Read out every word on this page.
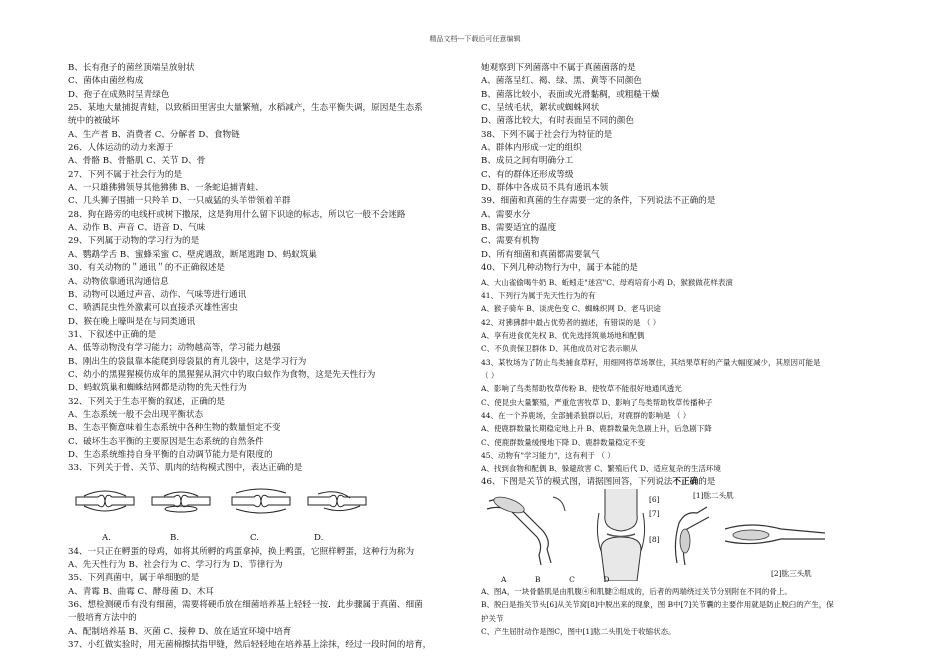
精品文档---下载后可任意编辑
B、长有孢子的菌丝顶端呈放射状
C、菌体由菌丝构成
D、孢子在成熟时呈青绿色
25、某地大量捕捉青蛙，以致稻田里害虫大量繁殖，水稻减产，生态平衡失调，原因是生态系
统中的被破坏
A、生产者 B、消费者 C、分解者 D、食物链
26、人体运动的动力来源于
A、骨骼 B、骨骼肌 C、关节 D、骨
27、下列不属于社会行为的是
A、一只雄狒狒领导其他狒狒 B、一条蛇追捕青蛙、
C、几头狮子围捕一只羚羊 D、一只威猛的头羊带领着羊群
28、狗在路旁的电线杆或树下撒尿，这是狗用什么留下识途的标志，所以它一般不会迷路
A、动作 B、声音 C、语音 D、气味
29、下列属于动物的学习行为的是
A、鹦鹉学舌 B、蜜蜂采蜜 C、壁虎遇敌，断尾逃跑 D、蚂蚁筑巢
30、有关动物的＂通讯＂的不正确叙述是
A、动物依靠通讯沟通信息
B、动物可以通过声音、动作、气味等进行通讯
C、喷洒昆虫性外激素可以直接杀灭雄性害虫
D、猴在晚上嚎叫是在与同类通讯
31、下叙述中正确的是
A、低等动物没有学习能力；动物越高等，学习能力越强
B、刚出生的袋鼠靠本能爬到母袋鼠的育儿袋中，这是学习行为
C、幼小的黑猩猩模仿成年的黑猩猩从洞穴中钓取白蚁作为食物，这是先天性行为
D、蚂蚁筑巢和蜘蛛结网都是动物的先天性行为
32、下列关于生态平衡的叙述，正确的是
A、生态系统一般不会出现平衡状态
B、生态平衡意味着生态系统中各种生物的数量恒定不变
C、破坏生态平衡的主要原因是生态系统的自然条件
D、生态系统维持自身平衡的自动调节能力是有限度的
33、下列关于骨、关节、肌肉的结构模式图中，表达正确的是
A.	B.	C.	D.
34、一只正在孵蛋的母鸡，如将其所孵的鸡蛋拿掉，换上鸭蛋，它照样孵蛋，这种行为称为
A、先天性行为 B、社会行为 C、学习行为 D、节律行为
35、下列真菌中，属于单细胞的是
A、青霉 B、曲霉 C、酵母菌 D、木耳
36、想检测硬币有没有细菌，需要将硬币放在细菌培养基上轻轻一按．此步骤属于真菌、细菌
一般培育方法中的
A、配制培养基 B、灭菌 C、接种 D、放在适宜环境中培育
37、小红做实验时，用无菌棉擦拭指甲缝，然后轻轻地在培养基上涂抹，经过一段时间的培育，
她观察到下列菌落中不属于真菌菌落的是
A、菌落呈红、褐、绿、黑、黄等不同颜色
B、菌落比较小，表面或光滑黏稠，或粗糙干燥
C、呈绒毛状，絮状或蜘蛛网状
D、菌落比较大，有时表面呈不同的颜色
38、下列不属于社会行为特征的是
A、群体内形成一定的组织
B、成员之间有明确分工
C、有的群体还形成等级
D、群体中各成员不具有通讯本领
39、细菌和真菌的生存需要一定的条件，下列说法不正确的是
A、需要水分
B、需要适宜的温度
C、需要有机物
D、所有细菌和真菌都需要氧气
40、下列几种动物行为中，属于本能的是
A、大山雀偷喝牛奶 B、蚯蚓走"迷宫"C、母鸡培育小鸡 D、猴猴做花样表演
41、下列行为属于先天性行为的有
A、猴子骑车 B、谈虎色变 C、蜘蛛织网 D、老马识途
42、对狒狒群中最占优势者的描述，有错误的是 （ ）
A、享有进食优先权 B、优先选择筑巢场地和配偶
C、不负责保卫群体 D、其他成员对它表示顺从
43、某牧场为了防止鸟类捕食草籽，用细网将草场罩住，其结果草籽的产量大幅度减少，其原因可能是
（ ）
A、影响了鸟类帮助牧草传粉 B、使牧草不能很好地通风透光
C、使昆虫大量繁殖，严重危害牧草 D、影响了鸟类帮助牧草传播种子
44、在一个养鹿场，全部捕杀狼群以后，对鹿群的影响是 （ ）
A、使鹿群数量长期稳定地上升 B、鹿群数量先急剧上升，后急剧下降
C、使鹿群数量缓慢地下降 D、鹿群数量稳定不变
45、动物有"学习能力"，这有利于 （ ）
A、找到食物和配偶 B、躲避敌害 C、繁殖后代 D、适应复杂的生活环境
46、下图是关节的模式图，请据图回答，下列说法不正确的是
[6]
[7]
[8]
[1]肱二头肌
[2]肱三头肌
A            B            C            D
A、图A，一块骨骼肌是由肌腹④和肌腱②组成的，后者的两端绕过关节分别附在不同的骨上。
B、脱臼是指关节头[6]从关节窝[8]中脱出来的现象，图 B中[7]关节囊的主要作用就是防止脱臼的产生，保
护关节
C、产生屈肘动作是图C，图中[1]肱二头肌处于收缩状态。
